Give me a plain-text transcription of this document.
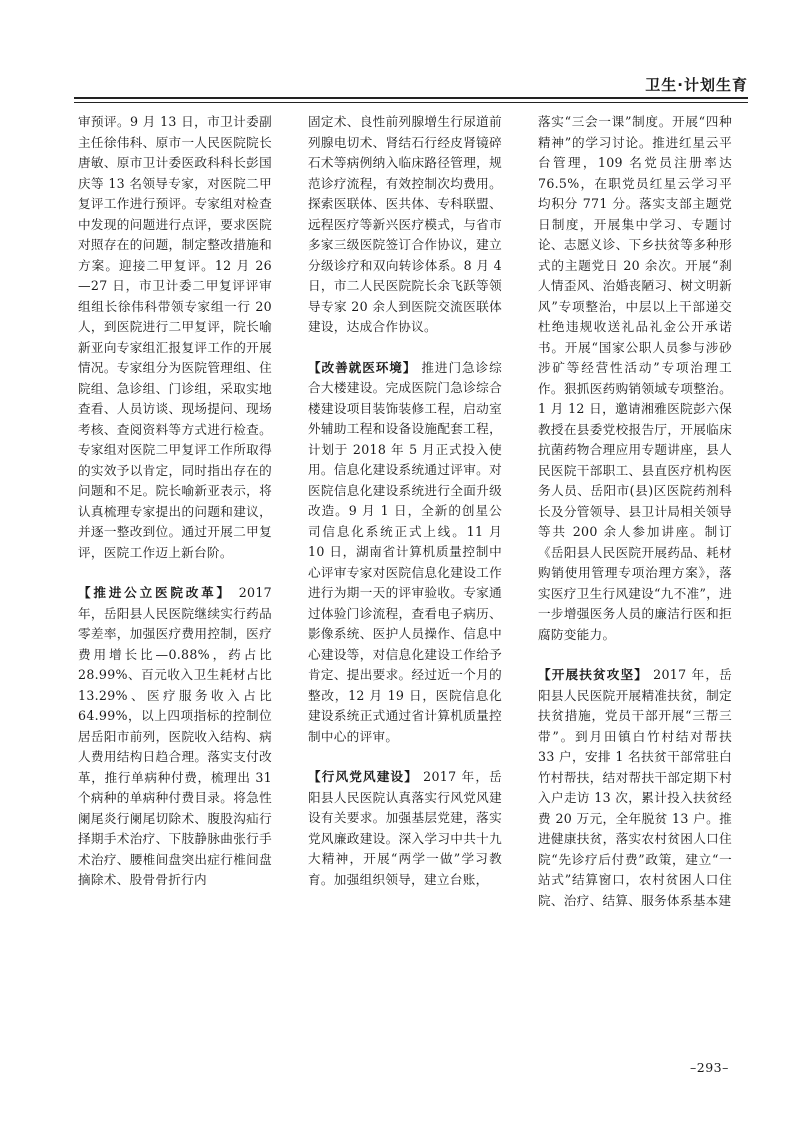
卫生·计划生育

审预评。9 月 13 日，市卫计委副主任徐伟科、原市一人民医院院长唐敏、原市卫计委医政科科长彭国庆等 13 名领导专家，对医院二甲复评工作进行预评。专家组对检查中发现的问题进行点评，要求医院对照存在的问题，制定整改措施和方案。迎接二甲复评。12 月 26—27 日，市卫计委二甲复评评审组组长徐伟科带领专家组一行 20 人，到医院进行二甲复评，院长喻新亚向专家组汇报复评工作的开展情况。专家组分为医院管理组、住院组、急诊组、门诊组，采取实地查看、人员访谈、现场提问、现场考核、查阅资料等方式进行检查。专家组对医院二甲复评工作所取得的实效予以肯定，同时指出存在的问题和不足。院长喻新亚表示，将认真梳理专家提出的问题和建议，并逐一整改到位。通过开展二甲复评，医院工作迈上新台阶。

【推进公立医院改革】 2017 年，岳阳县人民医院继续实行药品零差率，加强医疗费用控制，医疗费用增长比—0.88%，药占比 28.99%、百元收入卫生耗材占比 13.29%、医疗服务收入占比 64.99%，以上四项指标的控制位居岳阳市前列，医院收入结构、病人费用结构日趋合理。落实支付改革，推行单病种付费，梳理出 31 个病种的单病种付费目录。将急性阑尾炎行阑尾切除术、腹股沟疝行择期手术治疗、下肢静脉曲张行手术治疗、腰椎间盘突出症行椎间盘摘除术、股骨骨折行内

固定术、良性前列腺增生行尿道前列腺电切术、肾结石行经皮肾镜碎石术等病例纳入临床路径管理，规范诊疗流程，有效控制次均费用。探索医联体、医共体、专科联盟、远程医疗等新兴医疗模式，与省市多家三级医院签订合作协议，建立分级诊疗和双向转诊体系。8 月 4 日，市二人民医院院长余飞跃等领导专家 20 余人到医院交流医联体建设，达成合作协议。

【改善就医环境】 推进门急诊综合大楼建设。完成医院门急诊综合楼建设项目装饰装修工程，启动室外辅助工程和设备设施配套工程，计划于 2018 年 5 月正式投入使用。信息化建设系统通过评审。对医院信息化建设系统进行全面升级改造。9 月 1 日，全新的创星公司信息化系统正式上线。11 月 10 日，湖南省计算机质量控制中心评审专家对医院信息化建设工作进行为期一天的评审验收。专家通过体验门诊流程，查看电子病历、影像系统、医护人员操作、信息中心建设等，对信息化建设工作给予肯定、提出要求。经过近一个月的整改，12 月 19 日，医院信息化建设系统正式通过省计算机质量控制中心的评审。

【行风党风建设】 2017 年，岳阳县人民医院认真落实行风党风建设有关要求。加强基层党建，落实党风廉政建设。深入学习中共十九大精神，开展“两学一做”学习教育。加强组织领导，建立台账，

落实“三会一课”制度。开展“四种精神”的学习讨论。推进红星云平台管理，109 名党员注册率达 76.5%，在职党员红星云学习平均积分 771 分。落实支部主题党日制度，开展集中学习、专题讨论、志愿义诊、下乡扶贫等多种形式的主题党日 20 余次。开展“刹人情歪风、治婚丧陋习、树文明新风”专项整治，中层以上干部递交杜绝违规收送礼品礼金公开承诺书。开展“国家公职人员参与涉砂涉矿等经营性活动”专项治理工作。狠抓医药购销领域专项整治。1 月 12 日，邀请湘雅医院彭六保教授在县委党校报告厅，开展临床抗菌药物合理应用专题讲座，县人民医院干部职工、县直医疗机构医务人员、岳阳市(县)区医院药剂科长及分管领导、县卫计局相关领导等共 200 余人参加讲座。制订《岳阳县人民医院开展药品、耗材购销使用管理专项治理方案》，落实医疗卫生行风建设“九不准”，进一步增强医务人员的廉洁行医和拒腐防变能力。

【开展扶贫攻坚】 2017 年，岳阳县人民医院开展精准扶贫，制定扶贫措施，党员干部开展“三帮三带”。到月田镇白竹村结对帮扶 33 户，安排 1 名扶贫干部常驻白竹村帮扶，结对帮扶干部定期下村入户走访 13 次，累计投入扶贫经费 20 万元，全年脱贫 13 户。推进健康扶贫，落实农村贫困人口住院“先诊疗后付费”政策，建立“一站式”结算窗口，农村贫困人口住院、治疗、结算、服务体系基本建

–293–
